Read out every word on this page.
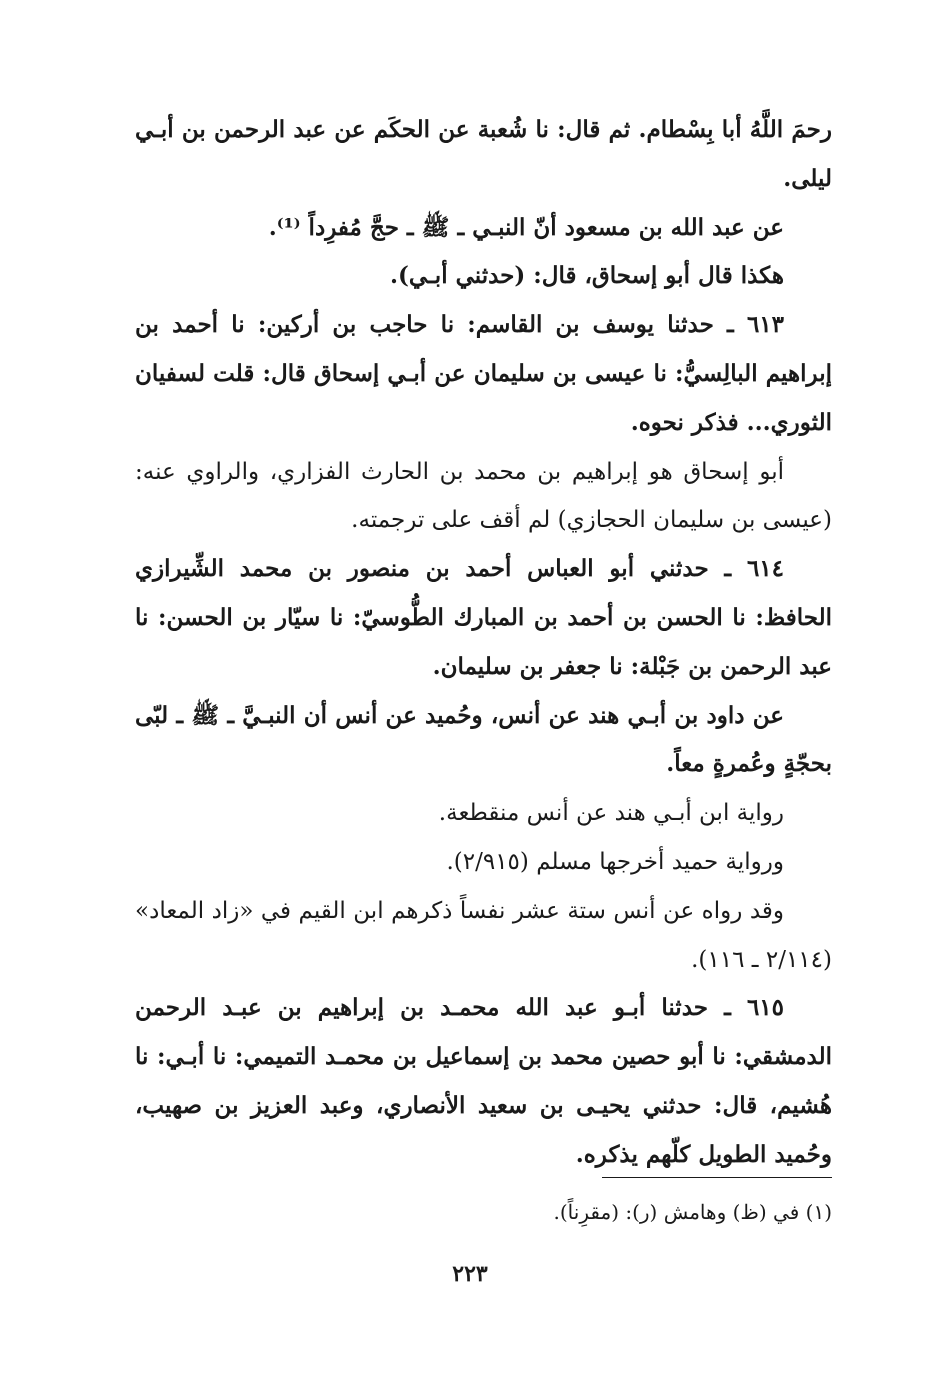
رحمَ اللَّهُ أبا بِسْطام. ثم قال: نا شُعبة عن الحكَم عن عبد الرحمن بن أبـي ليلى.

عن عبد الله بن مسعود أنّ النبـي ـ ﷺ ـ حجَّ مُفرِداً ⁽¹⁾.

هكذا قال أبو إسحاق، قال: (حدثني أبـي).

٦١٣ ـ حدثنا يوسف بن القاسم: نا حاجب بن أركين: نا أحمد بن إبراهيم البالِسيُّ: نا عيسى بن سليمان عن أبـي إسحاق قال: قلت لسفيان الثوري... فذكر نحوه.

أبو إسحاق هو إبراهيم بن محمد بن الحارث الفزاري، والراوي عنه: (عيسى بن سليمان الحجازي) لم أقف على ترجمته.

٦١٤ ـ حدثني أبو العباس أحمد بن منصور بن محمد الشِّيرازي الحافظ: نا الحسن بن أحمد بن المبارك الطُّوسيّ: نا سيّار بن الحسن: نا عبد الرحمن بن جَبْلة: نا جعفر بن سليمان.

عن داود بن أبـي هند عن أنس، وحُميد عن أنس أن النبـيَّ ـ ﷺ ـ لبّى بحجّةٍ وعُمرةٍ معاً.

رواية ابن أبـي هند عن أنس منقطعة.

ورواية حميد أخرجها مسلم (٢/٩١٥).

وقد رواه عن أنس ستة عشر نفساً ذكرهم ابن القيم في «زاد المعاد» (٢/١١٤ ـ ١١٦).

٦١٥ ـ حدثنا أبـو عبد الله محمـد بن إبراهيم بن عبـد الرحمن الدمشقي: نا أبو حصين محمد بن إسماعيل بن محمـد التميمي: نا أبـي: نا هُشيم، قال: حدثني يحيـى بن سعيد الأنصاري، وعبد العزيز بن صهيب، وحُميد الطويل كلّهم يذكره.

(١) في (ظ) وهامش (ر): (مقرِناً).

٢٢٣
